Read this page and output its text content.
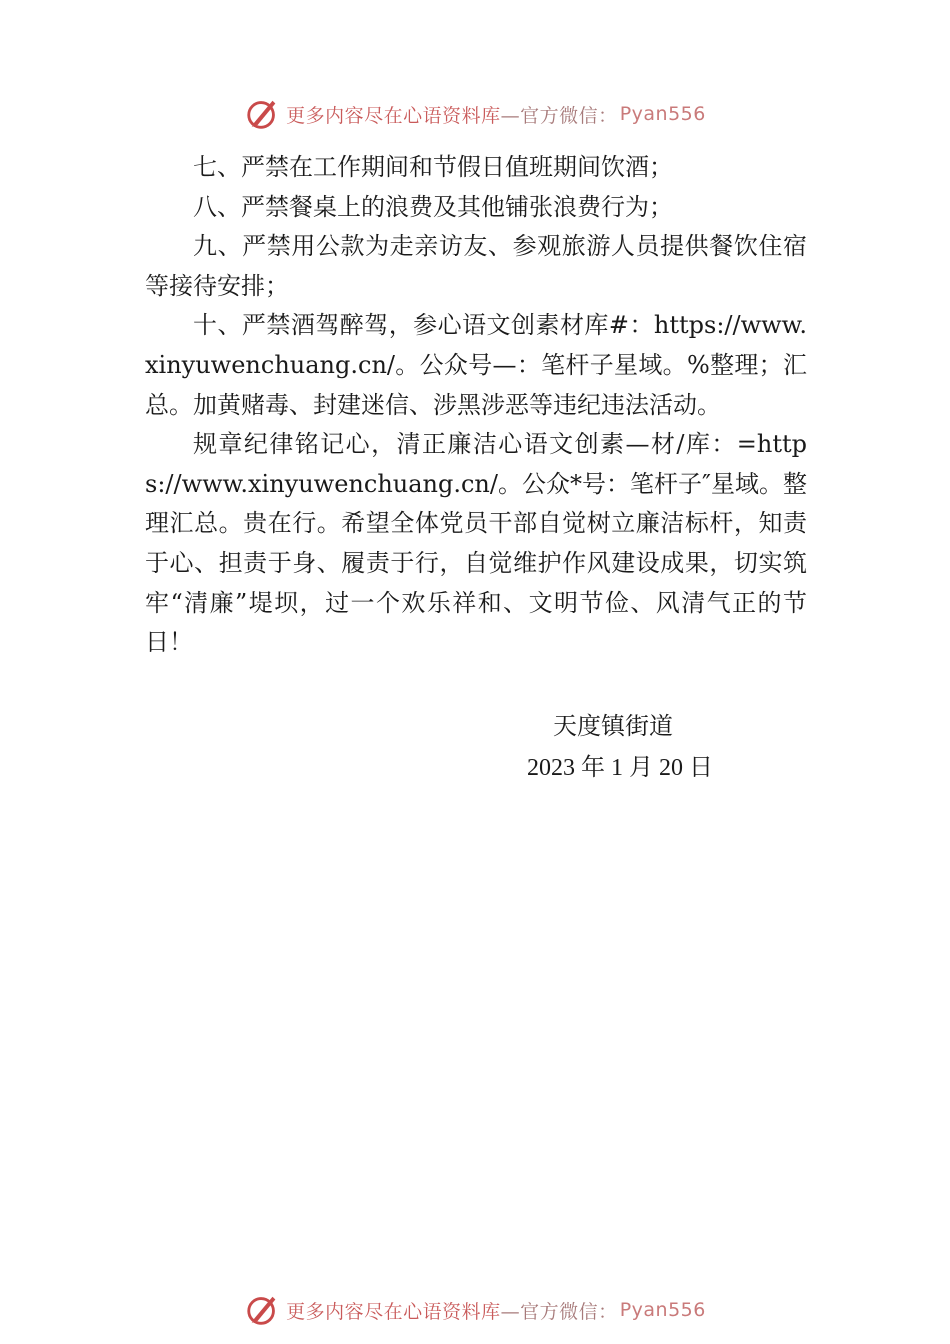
更多内容尽在心语资料库 —官方微信： Pyan556

七、严禁在工作期间和节假日值班期间饮酒；

八、严禁餐桌上的浪费及其他铺张浪费行为；

九、严禁用公款为走亲访友、参观旅游人员提供餐饮住宿等接待安排；

十、严禁酒驾醉驾，参心语文创素材库#：https://www.xinyuwenchuang.cn/。公众号—：笔杆子星域。%整理；汇总。加黄赌毒、封建迷信、涉黑涉恶等违纪违法活动。

规章纪律铭记心，清正廉洁心语文创素—材/库：=https://www.xinyuwenchuang.cn/。公众*号：笔杆子″星域。整理汇总。贵在行。希望全体党员干部自觉树立廉洁标杆，知责于心、担责于身、履责于行，自觉维护作风建设成果，切实筑牢“清廉”堤坝，过一个欢乐祥和、文明节俭、风清气正的节日！

天度镇街道
2023 年 1 月 20 日
更多内容尽在心语资料库 —官方微信： Pyan556
